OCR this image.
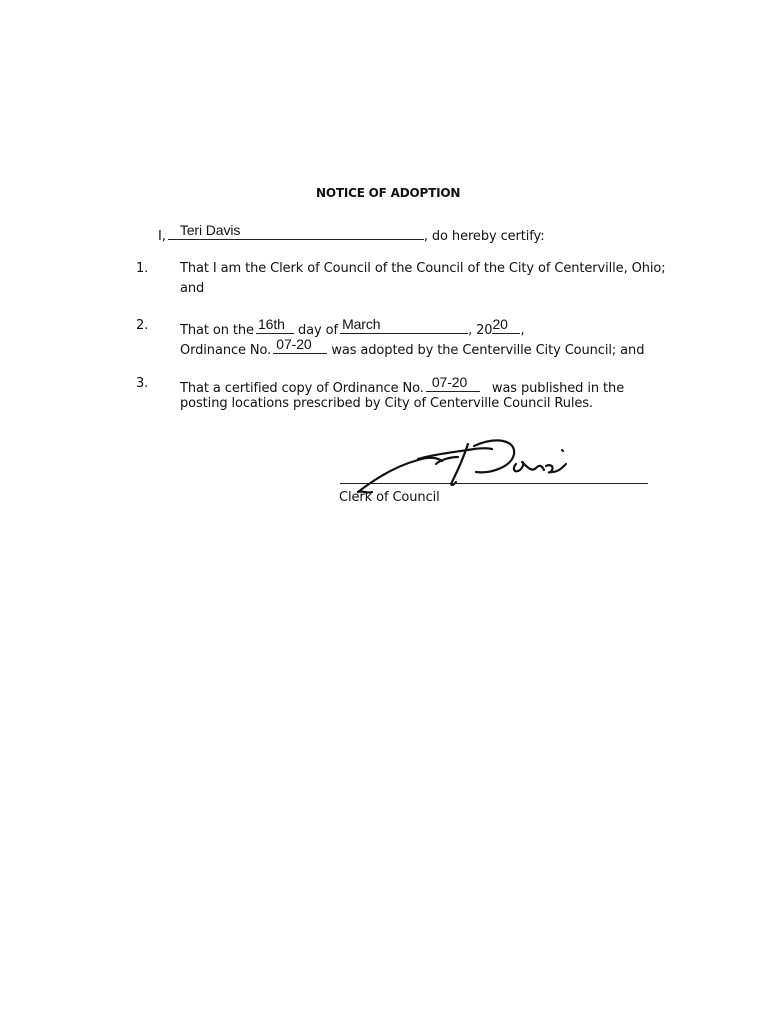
NOTICE OF ADOPTION
I, Teri Davis	, do hereby certify:
1. That I am the Clerk of Council of the Council of the City of Centerville, Ohio;
and
2. That on the 16th day of March	, 20 20 ,
Ordinance No. 07-20 was adopted by the Centerville City Council; and
3. That a certified copy of Ordinance No. 07-20 was published in the
posting locations prescribed by City of Centerville Council Rules.
Clerk of Council
